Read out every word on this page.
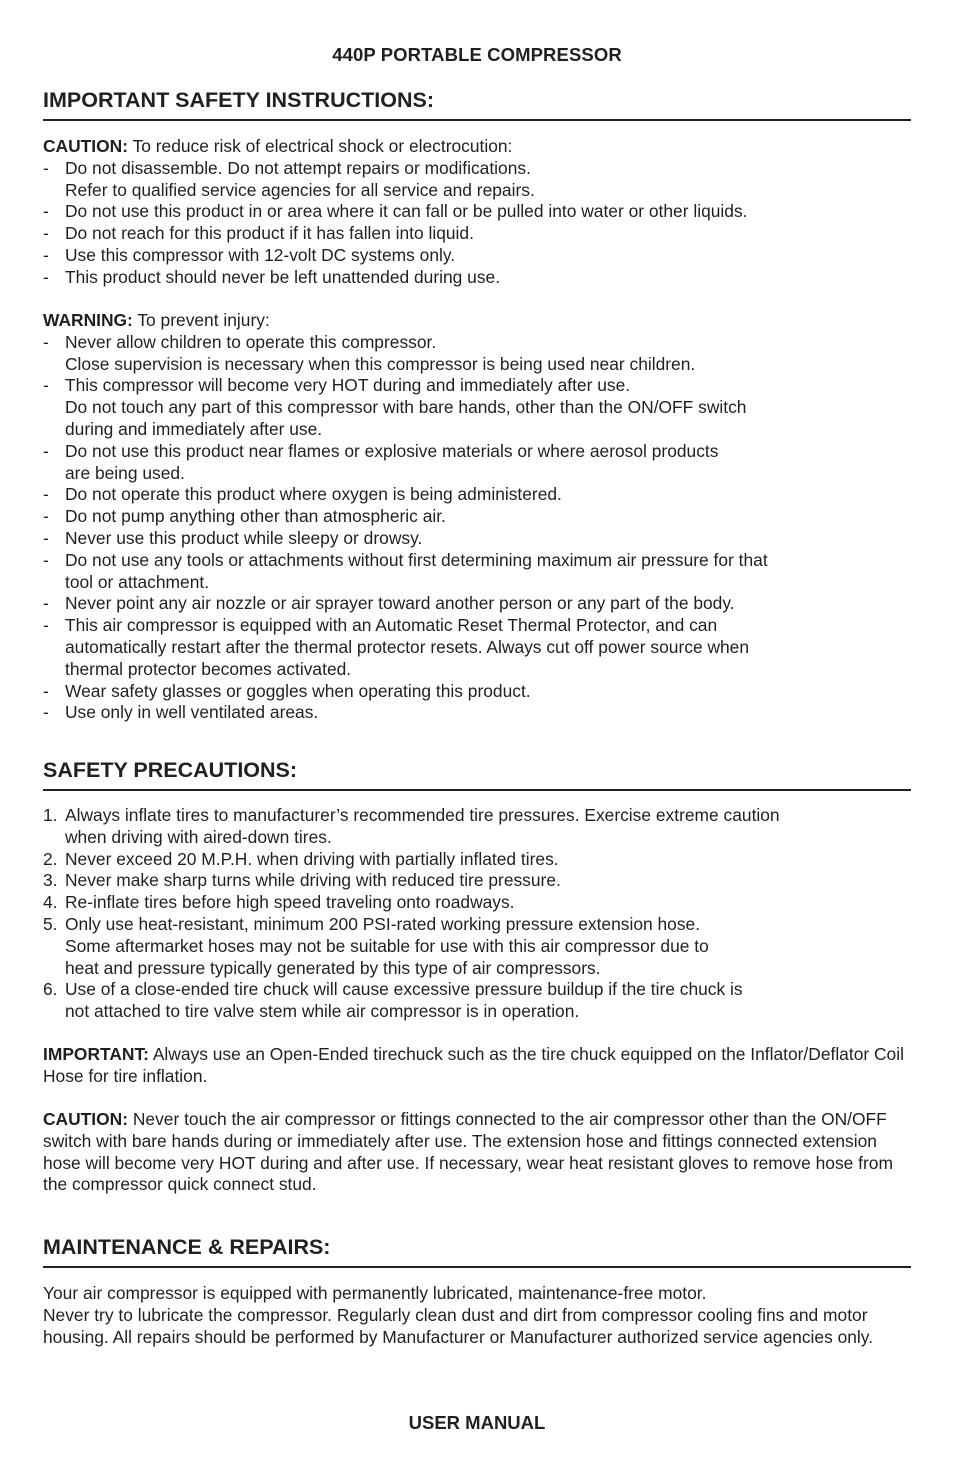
440P PORTABLE COMPRESSOR
IMPORTANT SAFETY INSTRUCTIONS:

CAUTION: To reduce risk of electrical shock or electrocution:

- Do not disassemble. Do not attempt repairs or modifications.
Refer to qualified service agencies for all service and repairs.
- Do not use this product in or area where it can fall or be pulled into water or other liquids.
- Do not reach for this product if it has fallen into liquid.
- Use this compressor with 12-volt DC systems only.
- This product should never be left unattended during use.

WARNING: To prevent injury:

- Never allow children to operate this compressor.
Close supervision is necessary when this compressor is being used near children.
- This compressor will become very HOT during and immediately after use.
Do not touch any part of this compressor with bare hands, other than the ON/OFF switch
during and immediately after use.
- Do not use this product near flames or explosive materials or where aerosol products
are being used.
- Do not operate this product where oxygen is being administered.
- Do not pump anything other than atmospheric air.
- Never use this product while sleepy or drowsy.
- Do not use any tools or attachments without first determining maximum air pressure for that
tool or attachment.
- Never point any air nozzle or air sprayer toward another person or any part of the body.
- This air compressor is equipped with an Automatic Reset Thermal Protector, and can
automatically restart after the thermal protector resets. Always cut off power source when
thermal protector becomes activated.
- Wear safety glasses or goggles when operating this product.
- Use only in well ventilated areas.
SAFETY PRECAUTIONS:
1. Always inflate tires to manufacturer’s recommended tire pressures. Exercise extreme caution
when driving with aired-down tires.
2. Never exceed 20 M.P.H. when driving with partially inflated tires.
3. Never make sharp turns while driving with reduced tire pressure.
4. Re-inflate tires before high speed traveling onto roadways.
5. Only use heat-resistant, minimum 200 PSI-rated working pressure extension hose.
Some aftermarket hoses may not be suitable for use with this air compressor due to
heat and pressure typically generated by this type of air compressors.
6. Use of a close-ended tire chuck will cause excessive pressure buildup if the tire chuck is
not attached to tire valve stem while air compressor is in operation.

IMPORTANT: Always use an Open-Ended tirechuck such as the tire chuck equipped on the Inflator/Deflator Coil Hose for tire inflation.

CAUTION: Never touch the air compressor or fittings connected to the air compressor other than the ON/OFF switch with bare hands during or immediately after use. The extension hose and fittings connected extension hose will become very HOT during and after use. If necessary, wear heat resistant gloves to remove hose from the compressor quick connect stud.

MAINTENANCE & REPAIRS:

Your air compressor is equipped with permanently lubricated, maintenance-free motor.

Never try to lubricate the compressor. Regularly clean dust and dirt from compressor cooling fins and motor housing. All repairs should be performed by Manufacturer or Manufacturer authorized service agencies only.

USER MANUAL
